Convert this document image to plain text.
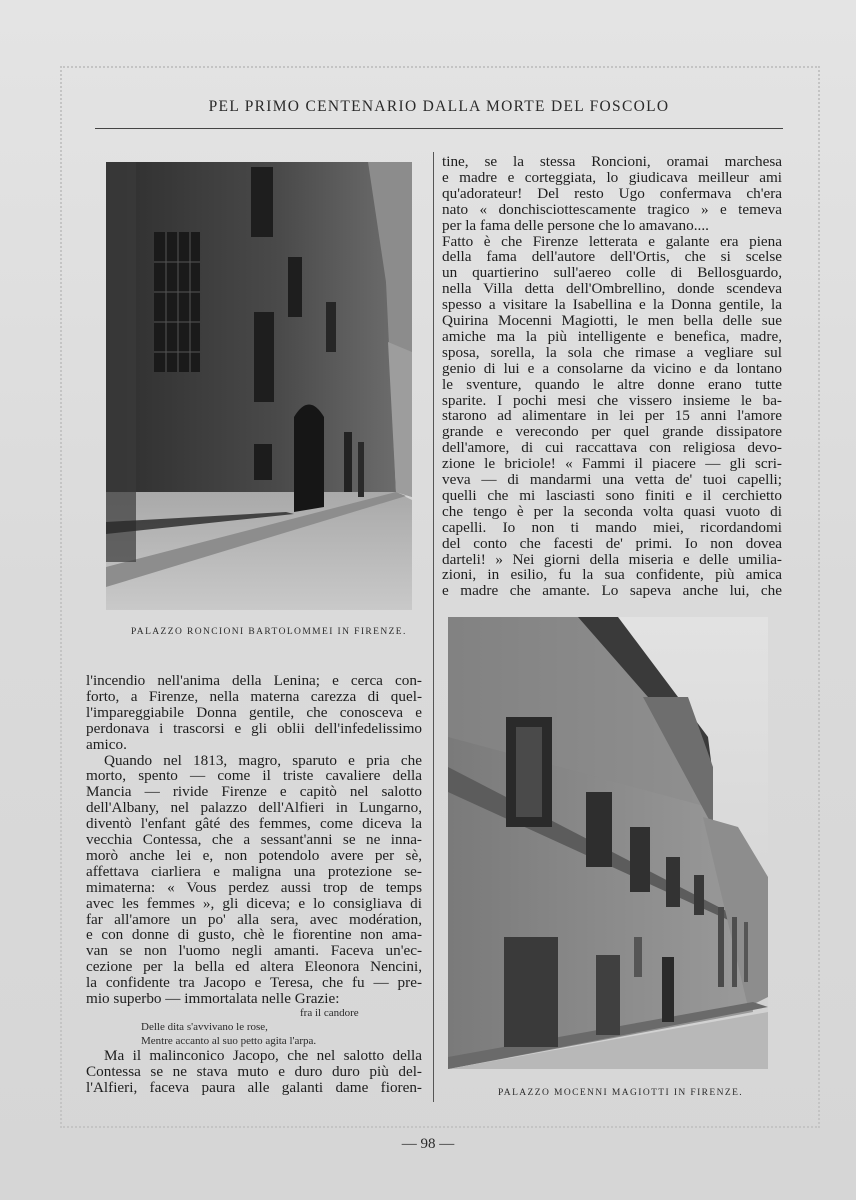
PEL PRIMO CENTENARIO DALLA MORTE DEL FOSCOLO
PALAZZO RONCIONI BARTOLOMMEI IN FIRENZE.
tine, se la stessa Roncioni, oramai marchesa
e madre e corteggiata, lo giudicava meilleur ami
qu'adorateur! Del resto Ugo confermava ch'era
nato « donchisciottescamente tragico » e temeva
per la fama delle persone che lo amavano....
Fatto è che Firenze letterata e galante era piena
della fama dell'autore dell'Ortis, che si scelse
un quartierino sull'aereo colle di Bellosguardo,
nella Villa detta dell'Ombrellino, donde scendeva
spesso a visitare la Isabellina e la Donna gentile, la
Quirina Mocenni Magiotti, le men bella delle sue
amiche ma la più intelligente e benefica, madre,
sposa, sorella, la sola che rimase a vegliare sul
genio di lui e a consolarne da vicino e da lontano
le sventure, quando le altre donne erano tutte
sparite. I pochi mesi che vissero insieme le ba-
starono ad alimentare in lei per 15 anni l'amore
grande e verecondo per quel grande dissipatore
dell'amore, di cui raccattava con religiosa devo-
zione le briciole! « Fammi il piacere — gli scri-
veva — di mandarmi una vetta de' tuoi capelli;
quelli che mi lasciasti sono finiti e il cerchietto
che tengo è per la seconda volta quasi vuoto di
capelli. Io non ti mando miei, ricordandomi
del conto che facesti de' primi. Io non dovea
darteli! » Nei giorni della miseria e delle umilia-
zioni, in esilio, fu la sua confidente, più amica
e madre che amante. Lo sapeva anche lui, che
l'incendio nell'anima della Lenina; e cerca con-
forto, a Firenze, nella materna carezza di quel-
l'impareggiabile Donna gentile, che conosceva e
perdonava i trascorsi e gli oblii dell'infedelissimo
amico.
Quando nel 1813, magro, sparuto e pria che
morto, spento — come il triste cavaliere della
Mancia — rivide Firenze e capitò nel salotto
dell'Albany, nel palazzo dell'Alfieri in Lungarno,
diventò l'enfant gâté des femmes, come diceva la
vecchia Contessa, che a sessant'anni se ne inna-
morò anche lei e, non potendolo avere per sè,
affettava ciarliera e maligna una protezione se-
mimaterna: « Vous perdez aussi trop de temps
avec les femmes », gli diceva; e lo consigliava di
far all'amore un po' alla sera, avec modération,
e con donne di gusto, chè le fiorentine non ama-
van se non l'uomo negli amanti. Faceva un'ec-
cezione per la bella ed altera Eleonora Nencini,
la confidente tra Jacopo e Teresa, che fu — pre-
mio superbo — immortalata nelle Grazie:
Ma il malinconico Jacopo, che nel salotto della
Contessa se ne stava muto e duro duro più del-
l'Alfieri, faceva paura alle galanti dame fioren-
fra il candore
Delle dita s'avvivano le rose,
Mentre accanto al suo petto agita l'arpa.
PALAZZO MOCENNI MAGIOTTI IN FIRENZE.
— 98 —
